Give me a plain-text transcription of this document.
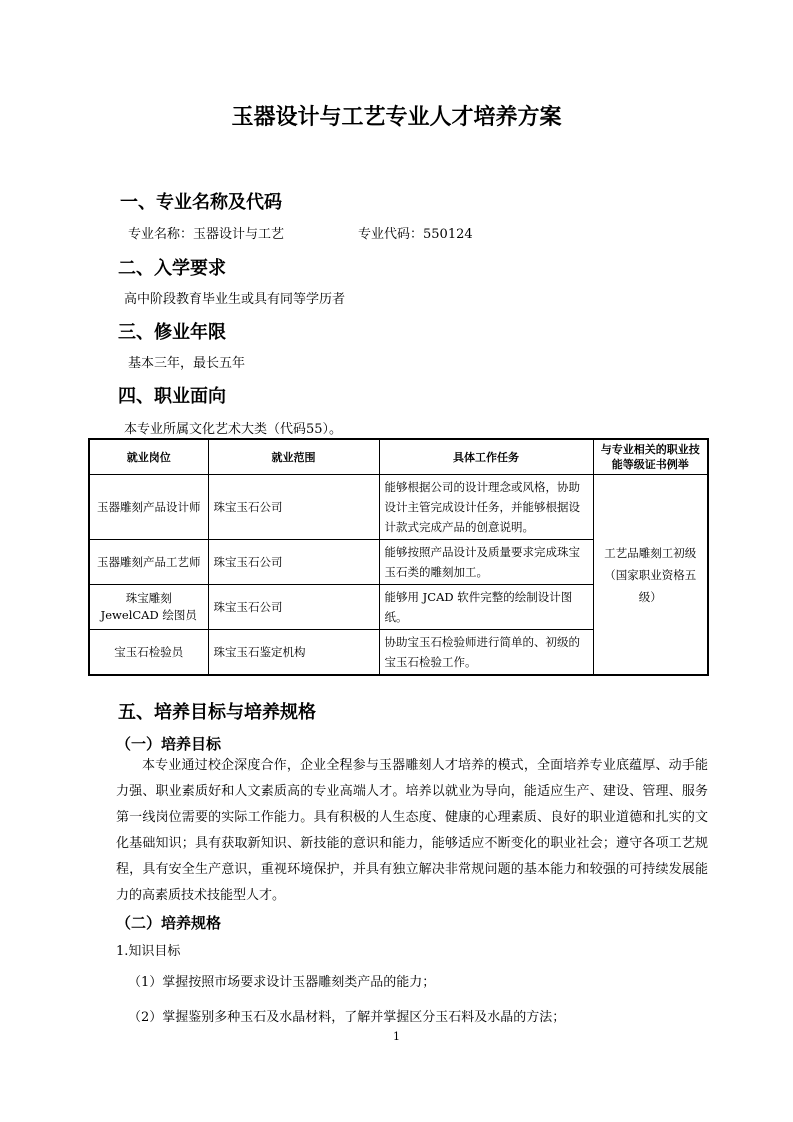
玉器设计与工艺专业人才培养方案
一、专业名称及代码
专业名称：玉器设计与工艺	专业代码：550124
二、入学要求
高中阶段教育毕业生或具有同等学历者
三、修业年限
基本三年，最长五年
四、职业面向
本专业所属文化艺术大类（代码55）。
就业岗位	就业范围	具体工作任务	与专业相关的职业技能等级证书例举
玉器雕刻产品设计师	珠宝玉石公司	能够根据公司的设计理念或风格，协助设计主管完成设计任务，并能够根据设计款式完成产品的创意说明。	工艺品雕刻工初级（国家职业资格五级）
玉器雕刻产品工艺师	珠宝玉石公司	能够按照产品设计及质量要求完成珠宝玉石类的雕刻加工。	
珠宝雕刻 JewelCAD 绘图员	珠宝玉石公司	能够用 JCAD 软件完整的绘制设计图纸。	
宝玉石检验员	珠宝玉石鉴定机构	协助宝玉石检验师进行简单的、初级的宝玉石检验工作。	
五、培养目标与培养规格
（一）培养目标
本专业通过校企深度合作，企业全程参与玉器雕刻人才培养的模式，全面培养专业底蕴厚、动手能力强、职业素质好和人文素质高的专业高端人才。培养以就业为导向，能适应生产、建设、管理、服务第一线岗位需要的实际工作能力。具有积极的人生态度、健康的心理素质、良好的职业道德和扎实的文化基础知识；具有获取新知识、新技能的意识和能力，能够适应不断变化的职业社会；遵守各项工艺规程，具有安全生产意识，重视环境保护，并具有独立解决非常规问题的基本能力和较强的可持续发展能力的高素质技术技能型人才。
（二）培养规格
1.知识目标
（1）掌握按照市场要求设计玉器雕刻类产品的能力；
（2）掌握鉴别多种玉石及水晶材料，了解并掌握区分玉石料及水晶的方法；
1
